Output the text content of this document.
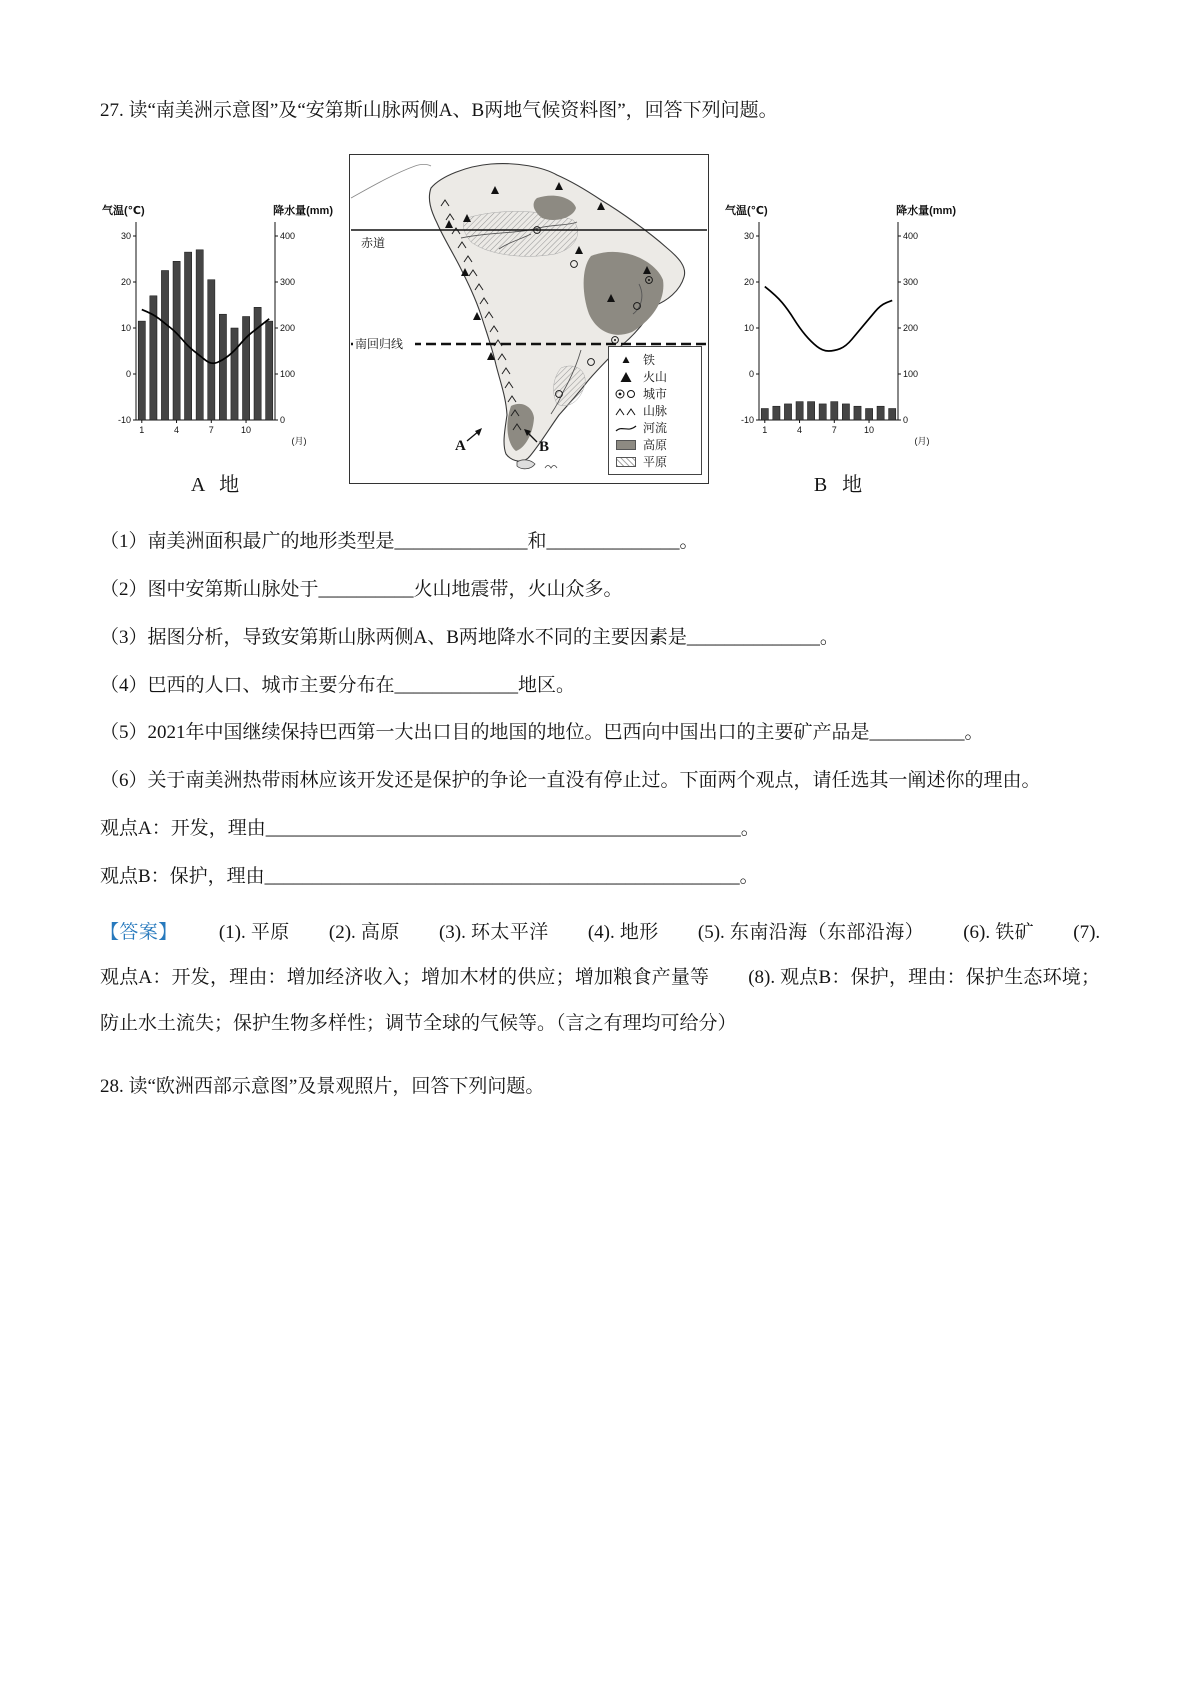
27. 读“南美洲示意图”及“安第斯山脉两侧A、B两地气候资料图”，回答下列问题。

30
20
10
0
-10
400
300
200
100
0
1	4	7	10
(月)
气温(℃)	降水量(mm)
A 地
赤道
南回归线
A	B
铁
火山
城市
山脉
河流
高原
平原
30
20
10
0
-10
400
300
200
100
0
1	4	7	10
(月)
气温(℃)	降水量(mm)
B 地

（1）南美洲面积最广的地形类型是______________和______________。

（2）图中安第斯山脉处于__________火山地震带，火山众多。

（3）据图分析，导致安第斯山脉两侧A、B两地降水不同的主要因素是______________。

（4）巴西的人口、城市主要分布在_____________地区。

（5）2021年中国继续保持巴西第一大出口目的地国的地位。巴西向中国出口的主要矿产品是__________。

（6）关于南美洲热带雨林应该开发还是保护的争论一直没有停止过。下面两个观点，请任选其一阐述你的理由。

观点A：开发，理由__________________________________________________。

观点B：保护，理由__________________________________________________。

【答案】 (1). 平原 (2). 高原 (3). 环太平洋 (4). 地形 (5). 东南沿海（东部沿海） (6). 铁矿 (7). 观点A：开发，理由：增加经济收入；增加木材的供应；增加粮食产量等 (8). 观点B：保护，理由：保护生态环境；防止水土流失；保护生物多样性；调节全球的气候等。（言之有理均可给分）

28. 读“欧洲西部示意图”及景观照片，回答下列问题。
